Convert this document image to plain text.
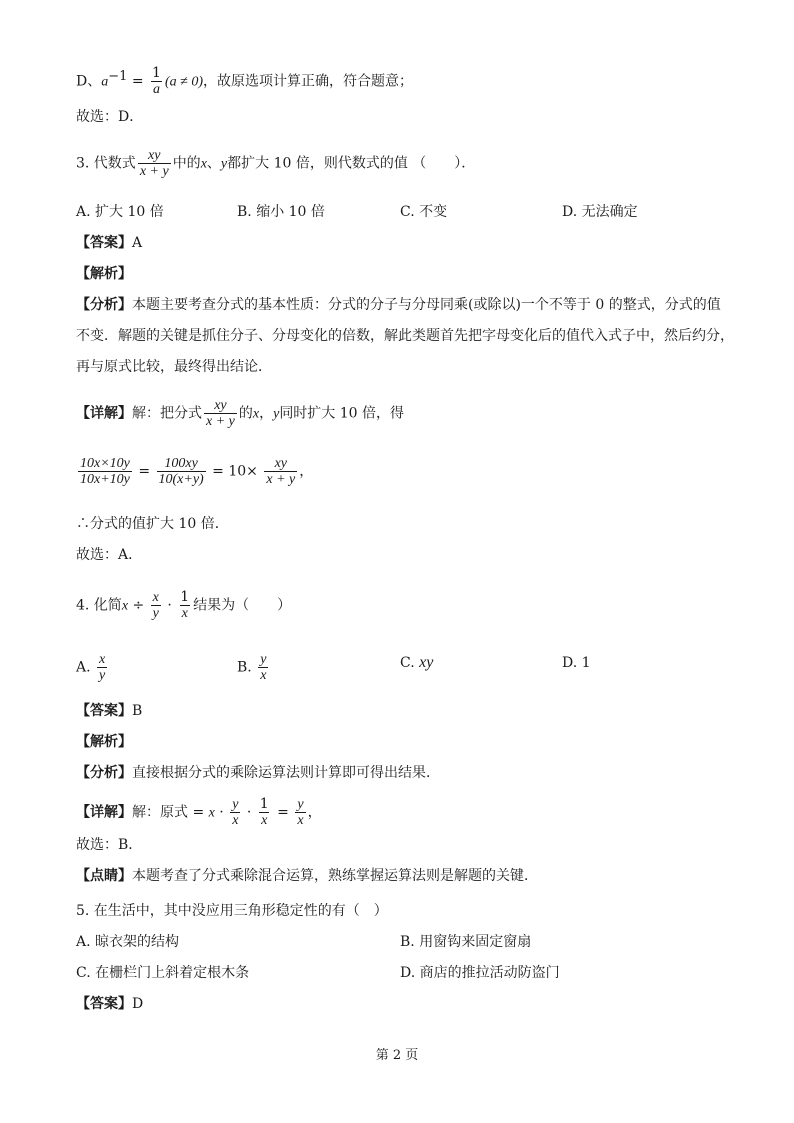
D、$a^{-1} = \frac{1}{a} (a \ne 0)$，故原选项计算正确，符合题意；
故选：D．
3. 代数式 $\frac{xy}{x + y}$ 中的x、y都扩大 10 倍，则代数式的值 （　　）．
A. 扩大 10 倍	B. 缩小 10 倍	C. 不变	D. 无法确定
【答案】A
【解析】
【分析】本题主要考查分式的基本性质：分式的分子与分母同乘(或除以)一个不等于 0 的整式，分式的值
不变．解题的关键是抓住分子、分母变化的倍数，解此类题首先把字母变化后的值代入式子中，然后约分，
再与原式比较，最终得出结论．
【详解】解：把分式 $\frac{xy}{x + y}$ 的x，y同时扩大 10 倍，得
$\frac{10x\times 10y}{10x+10y} = \frac{100xy}{10(x+y)} = 10\times \frac{xy}{x + y}$ ，
∴分式的值扩大 10 倍．
故选：A．
4. 化简$x \div \frac{x}{y} \cdot \frac{1}{x}$ 结果为（　　）
A. $\frac{x}{y}$	B. $\frac{y}{x}$	C. xy	D. 1
【答案】B
【解析】
【分析】直接根据分式的乘除运算法则计算即可得出结果．
【详解】解：原式 = $x \cdot \frac{y}{x} \cdot \frac{1}{x} = \frac{y}{x}$ ，
故选：B．
【点睛】本题考查了分式乘除混合运算，熟练掌握运算法则是解题的关键．
5. 在生活中，其中没应用三角形稳定性的有（　）
A. 晾衣架的结构	B. 用窗钩来固定窗扇
C. 在栅栏门上斜着定根木条	D. 商店的推拉活动防盗门
【答案】D
第 2 页
